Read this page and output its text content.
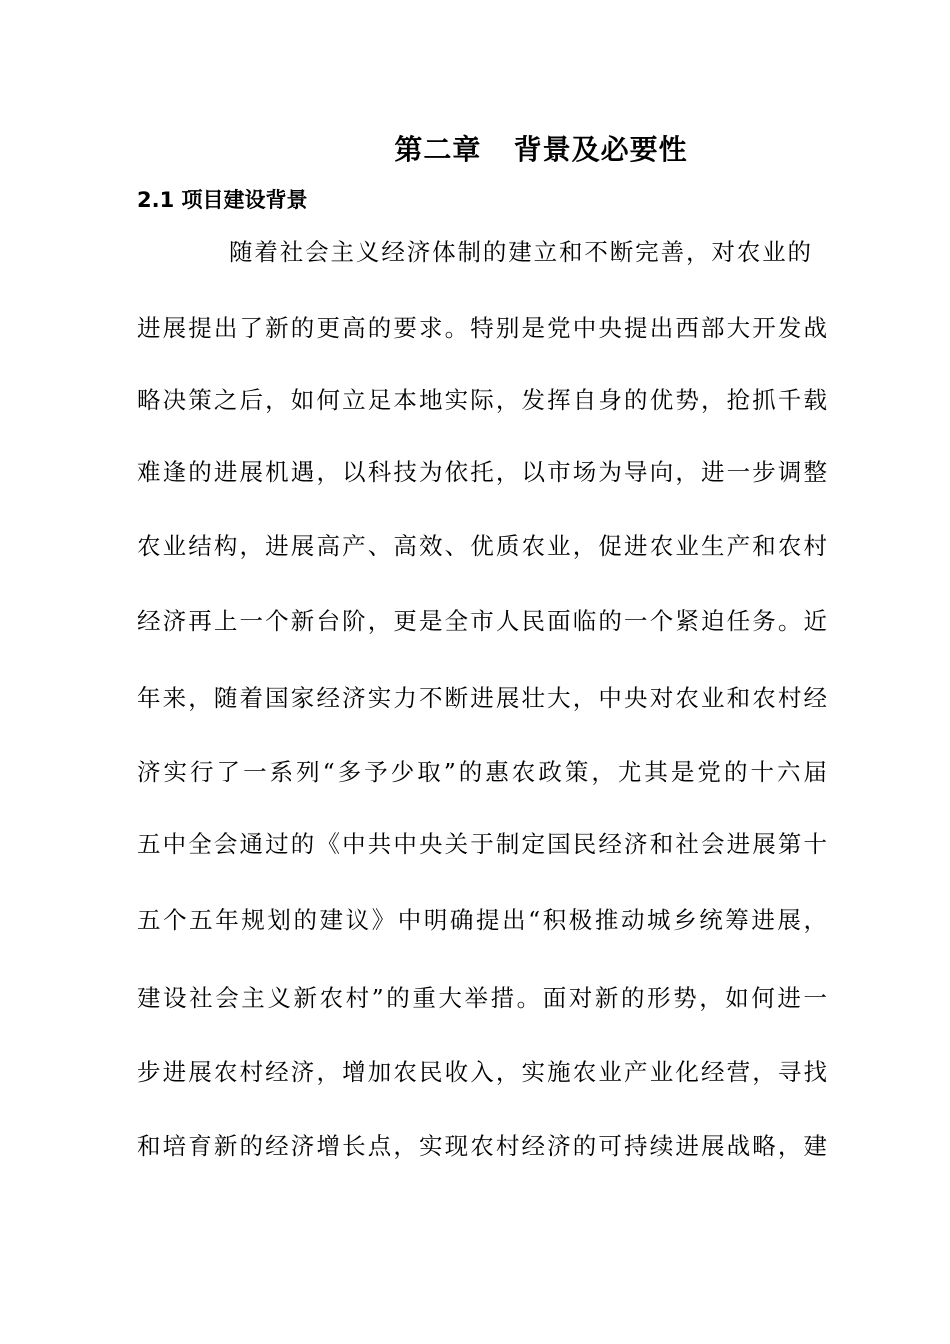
第二章   背景及必要性
2.1 项目建设背景

随着社会主义经济体制的建立和不断完善，对农业的

进展提出了新的更高的要求。特别是党中央提出西部大开发战

略决策之后，如何立足本地实际，发挥自身的优势，抢抓千载

难逢的进展机遇，以科技为依托，以市场为导向，进一步调整

农业结构，进展高产、高效、优质农业，促进农业生产和农村

经济再上一个新台阶，更是全市人民面临的一个紧迫任务。近

年来，随着国家经济实力不断进展壮大，中央对农业和农村经

济实行了一系列“多予少取”的惠农政策，尤其是党的十六届

五中全会通过的《中共中央关于制定国民经济和社会进展第十

五个五年规划的建议》中明确提出“积极推动城乡统筹进展，

建设社会主义新农村”的重大举措。面对新的形势，如何进一

步进展农村经济，增加农民收入，实施农业产业化经营，寻找

和培育新的经济增长点，实现农村经济的可持续进展战略，建
